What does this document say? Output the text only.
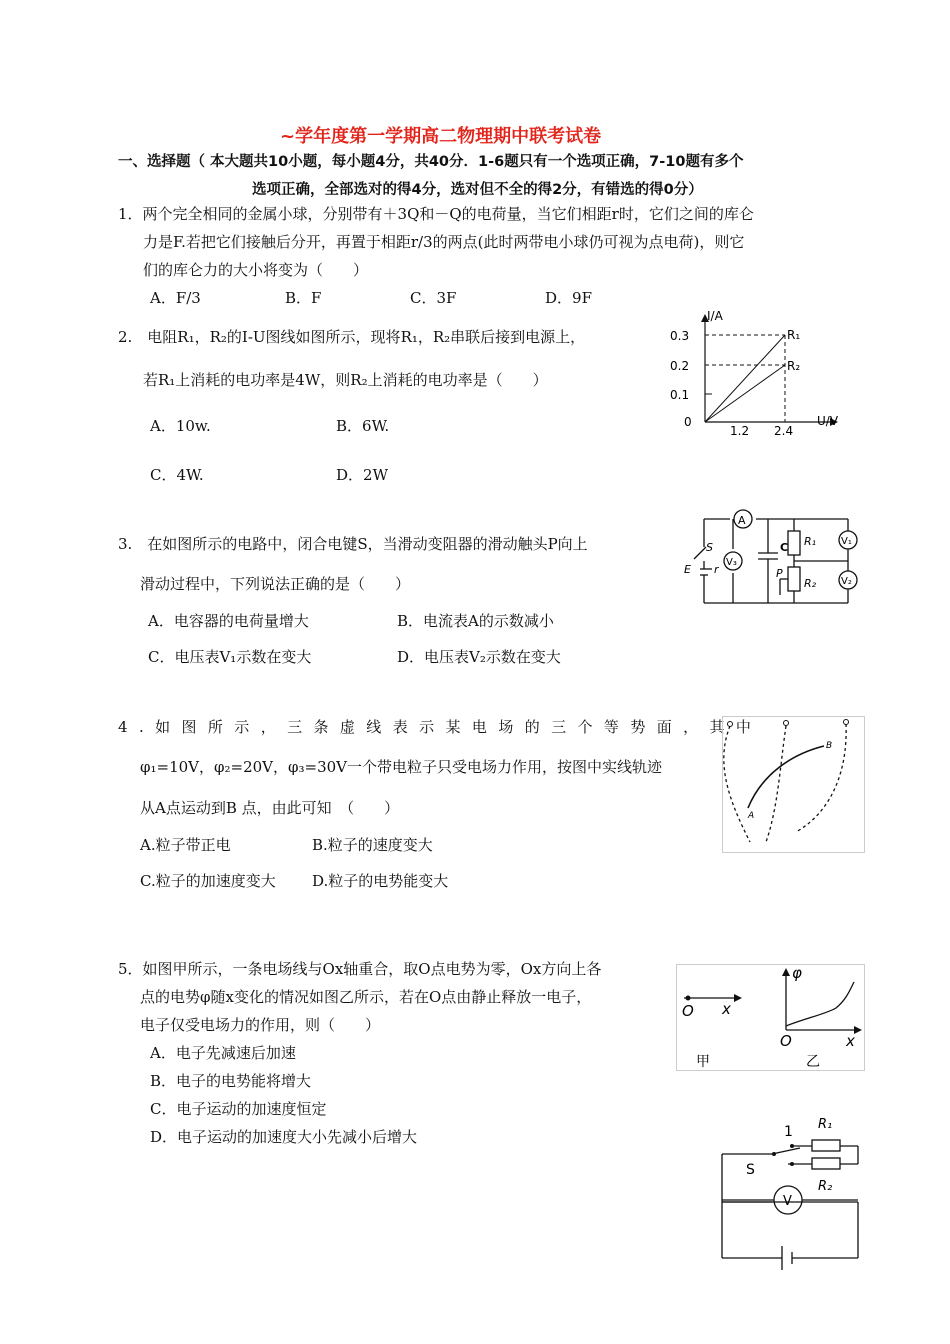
~学年度第一学期高二物理期中联考试卷
一、选择题（ 本大题共10小题，每小题4分，共40分．1-6题只有一个选项正确，7-10题有多个
选项正确，全部选对的得4分，选对但不全的得2分，有错选的得0分）
1．两个完全相同的金属小球，分别带有＋3Q和－Q的电荷量，当它们相距r时，它们之间的库仑
力是F.若把它们接触后分开，再置于相距r/3的两点(此时两带电小球仍可视为点电荷)，则它
们的库仑力的大小将变为（　　）
A．F/3	B．F	C．3F	D．9F
2.　电阻R₁，R₂的I-U图线如图所示，现将R₁，R₂串联后接到电源上，
若R₁上消耗的电功率是4W，则R₂上消耗的电功率是（　　）
A．10w.	B．6W.
C．4W.	D．2W
I/A
U/V
0.3
0.2
0.1
0
1.2 2.4
R₁
R₂
3.　在如图所示的电路中，闭合电键S，当滑动变阻器的滑动触头P向上
滑动过程中，下列说法正确的是（　　）
A．电容器的电荷量增大	B．电流表A的示数减小
C．电压表V₁示数在变大	D．电压表V₂示数在变大
A
V₃
V₁
V₂
C R₁
R₂
P
S
E r
4.如图所示，三条虚线表示某电场的三个等势面，其中
φ₁=10V，φ₂=20V，φ₃=30V一个带电粒子只受电场力作用，按图中实线轨迹
从A点运动到B 点，由此可知　（　　）
A.粒子带正电	B.粒子的速度变大
C.粒子的加速度变大 D.粒子的电势能变大
A
B
5．如图甲所示，一条电场线与Ox轴重合，取O点电势为零，Ox方向上各
点的电势φ随x变化的情况如图乙所示，若在O点由静止释放一电子，
电子仅受电场力的作用，则（　　）
A．电子先减速后加速
B．电子的电势能将增大
C．电子运动的加速度恒定
D．电子运动的加速度大小先减小后增大
O x
φ
O	x
甲	乙
1
S
R₁
R₂
V
